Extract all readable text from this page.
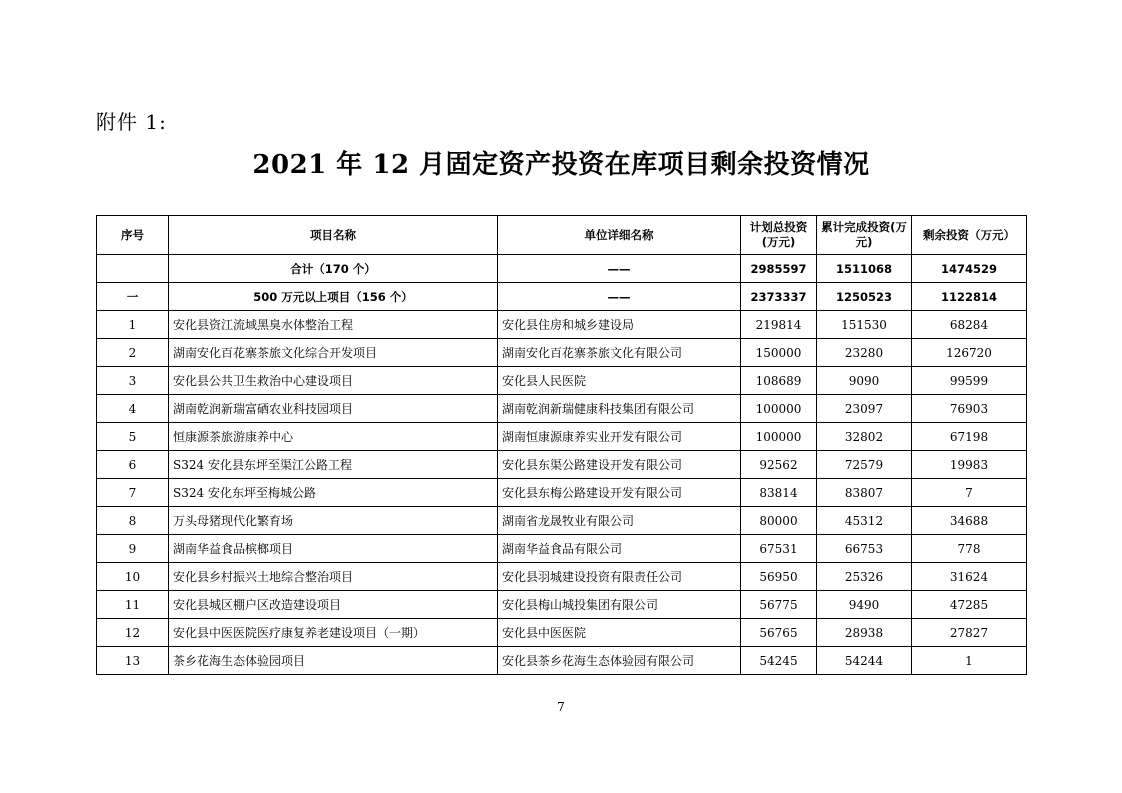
附件 1:
2021 年 12 月固定资产投资在库项目剩余投资情况
序号	项目名称	单位详细名称	计划总投资(万元)	累计完成投资(万元)	剩余投资（万元）
	合计（170 个）	——	2985597	1511068	1474529
一	500 万元以上项目（156 个）	——	2373337	1250523	1122814
1	安化县资江流域黑臭水体整治工程	安化县住房和城乡建设局	219814	151530	68284
2	湖南安化百花寨茶旅文化综合开发项目	湖南安化百花寨茶旅文化有限公司	150000	23280	126720
3	安化县公共卫生救治中心建设项目	安化县人民医院	108689	9090	99599
4	湖南乾润新瑞富硒农业科技园项目	湖南乾润新瑞健康科技集团有限公司	100000	23097	76903
5	恒康源茶旅游康养中心	湖南恒康源康养实业开发有限公司	100000	32802	67198
6	S324 安化县东坪至渠江公路工程	安化县东渠公路建设开发有限公司	92562	72579	19983
7	S324 安化东坪至梅城公路	安化县东梅公路建设开发有限公司	83814	83807	7
8	万头母猪现代化繁育场	湖南省龙晟牧业有限公司	80000	45312	34688
9	湖南华益食品槟榔项目	湖南华益食品有限公司	67531	66753	778
10	安化县乡村振兴土地综合整治项目	安化县羽城建设投资有限责任公司	56950	25326	31624
11	安化县城区棚户区改造建设项目	安化县梅山城投集团有限公司	56775	9490	47285
12	安化县中医医院医疗康复养老建设项目（一期）	安化县中医医院	56765	28938	27827
13	茶乡花海生态体验园项目	安化县茶乡花海生态体验园有限公司	54245	54244	1
7
